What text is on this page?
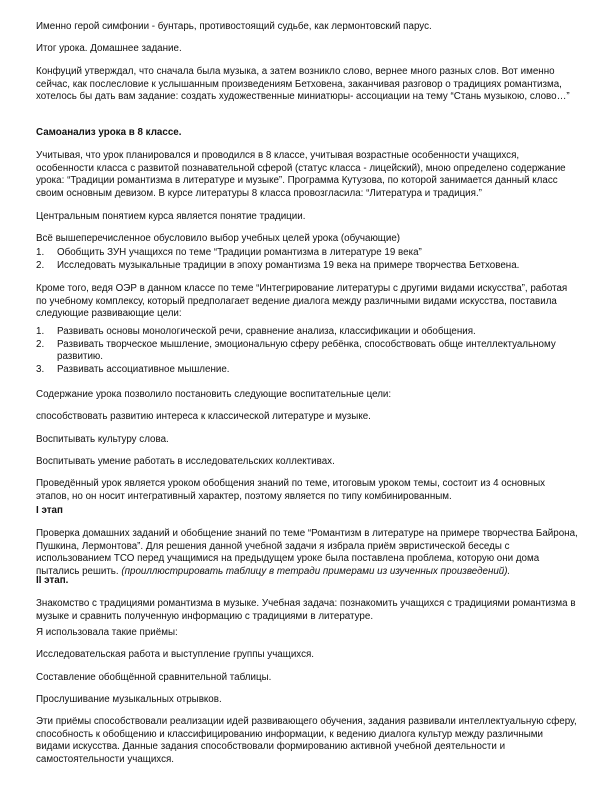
Именно герой симфонии - бунтарь, противостоящий судьбе, как лермонтовский парус.

Итог урока. Домашнее задание.

Конфуций утверждал, что сначала была музыка, а затем возникло слово, вернее много разных слов. Вот именно сейчас, как послесловие к услышанным произведениям Бетховена, заканчивая разговор о традициях романтизма, хотелось бы дать вам задание: создать художественные миниатюры- ассоциации на тему “Стань музыкою, слово…”

Самоанализ урока в 8 классе.

Учитывая, что урок планировался и проводился в 8 классе, учитывая возрастные особенности учащихся, особенности класса с развитой познавательной сферой (статус класса - лицейский), мною определено содержание урока: “Традиции романтизма в литературе и музыке”. Программа Кутузова, по которой занимается данный класс своим основным девизом. В курсе литературы 8 класса провозгласила: “Литература и традиция.”

Центральным понятием курса является понятие традиции.

Всё вышеперечисленное обусловило выбор учебных целей урока (обучающие)

1. Обобщить ЗУН учащихся по теме “Традиции романтизма в литературе 19 века”
2. Исследовать музыкальные традиции в эпоху романтизма 19 века на примере творчества Бетховена.

Кроме того, ведя ОЭР в данном классе по теме “Интегрирование литературы с другими видами искусства”, работая по учебному комплексу, который предполагает ведение диалога между различными видами искусства, поставила следующие развивающие цели:

1. Развивать основы монологической речи, сравнение анализа, классификации и обобщения.
2. Развивать творческое мышление, эмоциональную сферу ребёнка, способствовать обще интеллектуальному развитию.
3. Развивать ассоциативное мышление.

Содержание урока позволило постановить следующие воспитательные цели:

способствовать развитию интереса к классической литературе и музыке.

Воспитывать культуру слова.

Воспитывать умение работать в исследовательских коллективах.

Проведённый урок является уроком обобщения знаний по теме, итоговым уроком темы, состоит из 4 основных этапов, но он носит интегративный характер, поэтому является по типу комбинированным.

I этап

Проверка домашних заданий и обобщение знаний по теме “Романтизм в литературе на примере творчества Байрона, Пушкина, Лермонтова”. Для решения данной учебной задачи я избрала приём эвристической беседы с использованием ТСО перед учащимися на предыдущем уроке была поставлена проблема, которую они дома пытались решить. (проиллюстрировать таблицу в тетради примерами из изученных произведений).

II этап.

Знакомство с традициями романтизма в музыке. Учебная задача: познакомить учащихся с традициями романтизма в музыке и сравнить полученную информацию с традициями в литературе.

Я использовала такие приёмы:

Исследовательская работа и выступление группы учащихся.

Составление обобщённой сравнительной таблицы.

Прослушивание музыкальных отрывков.

Эти приёмы способствовали реализации идей развивающего обучения, задания развивали интеллектуальную сферу, способность к обобщению и классифицированию информации, к ведению диалога культур между различными видами искусства. Данные задания способствовали формированию активной учебной деятельности и самостоятельности учащихся.
